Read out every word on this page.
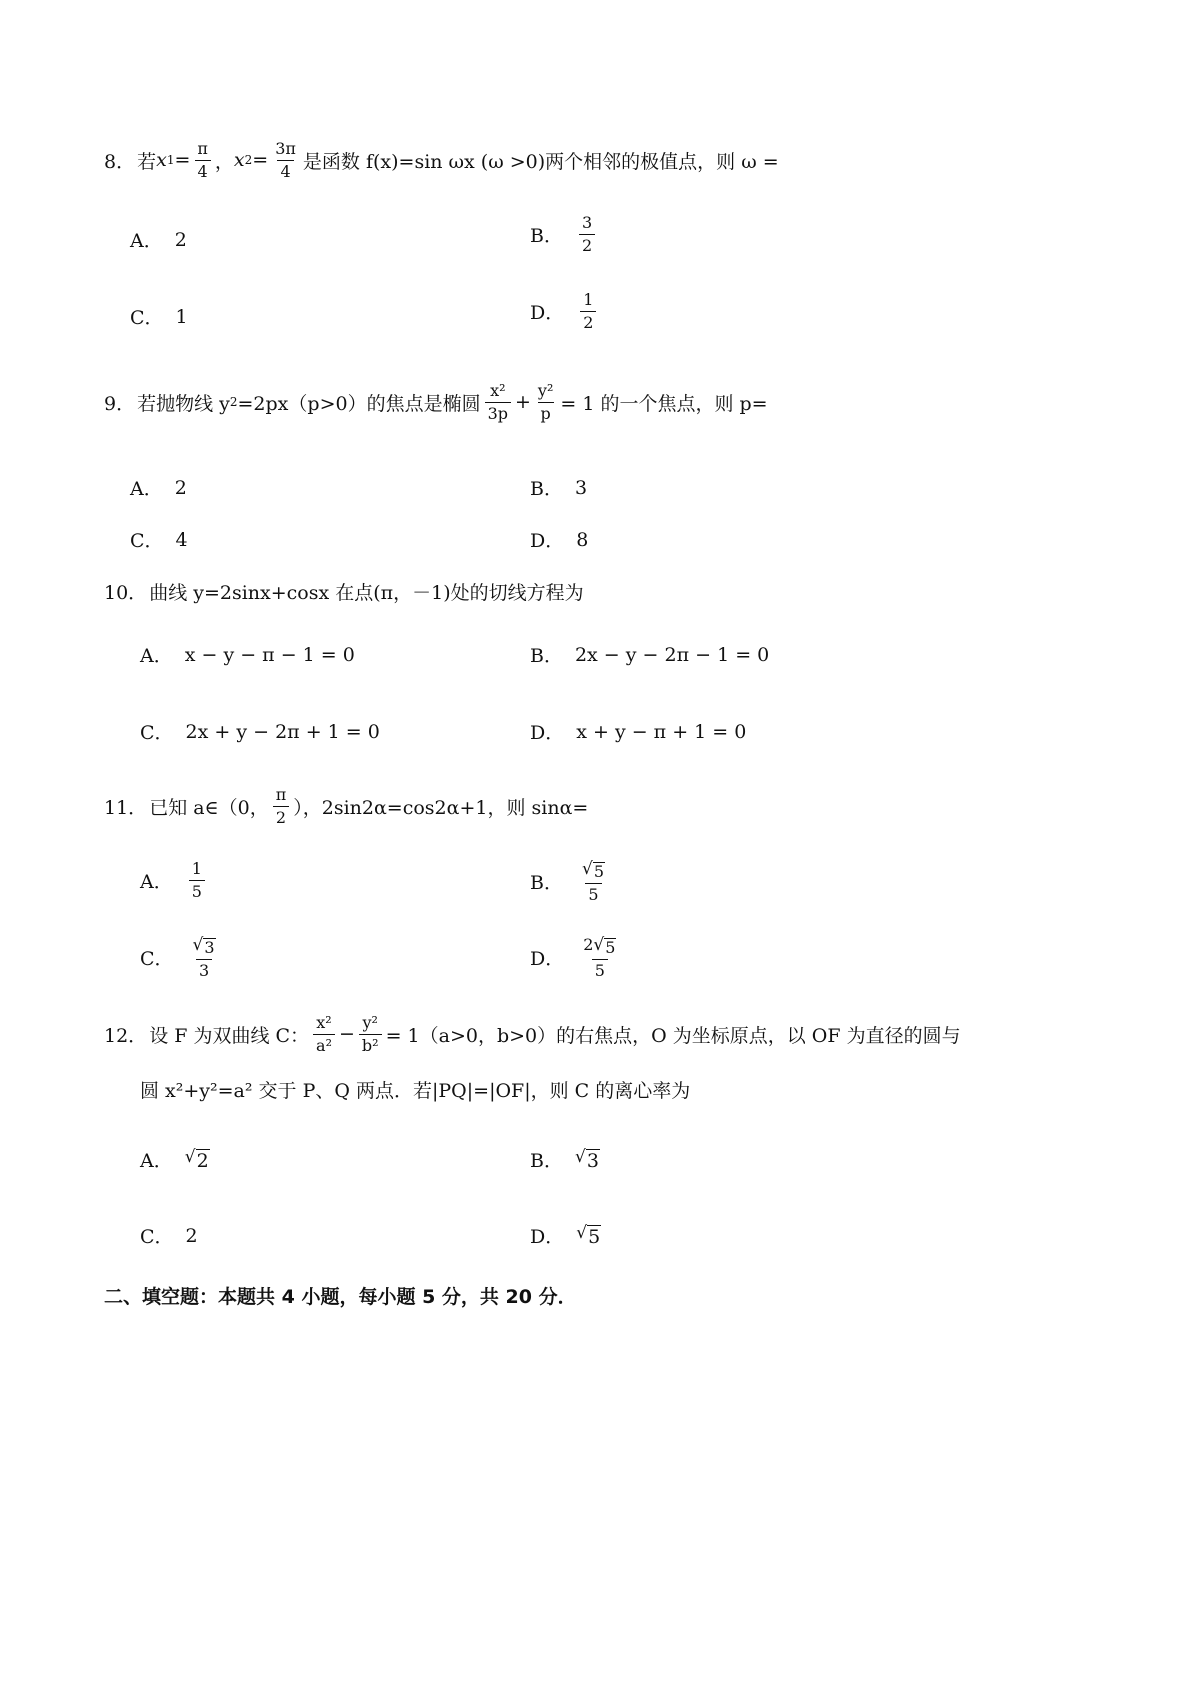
8． 若 x $1 = \frac{\pi}{4}$ ， x $2 = \frac{3\pi}{4}$ 是函数 f(x)=sin ωx (ω >0)两个相邻的极值点，则 ω =
A． 2	B． $\frac{3}{2}$
C． 1	D． $\frac{1}{2}$
9． 若抛物线 y 2 =2px（p>0）的焦点是椭圆 $\frac{\text{x²}}{3p} + \frac{\text{y²}}{p} = 1$ 的一个焦点，则 p=
A． 2	B． 3
C． 4	D． 8
10． 曲线 y=2sinx+cosx 在点(π，－1)处的切线方程为
A． x − y − π − 1 = 0	B． 2x − y − 2π − 1 = 0
C． 2x + y − 2π + 1 = 0	D． x + y − π + 1 = 0
11． 已知 a∈（0， $\frac{\pi}{2}$ ），2sin2α=cos2α+1，则 sinα=
A． $\frac{1}{5}$	B． $\frac{√ 5}{5}$
C． $\frac{√ 3}{3}$	D． $\frac{2 √ 5}{5}$
12． 设 F 为双曲线 C： $\frac{\text{x²}}{\text{a²}} - \frac{\text{y²}}{\text{b²}} = 1(a>0$，b>0）的右焦点，O 为坐标原点，以 OF 为直径的圆与
圆 x²+y²=a² 交于 P、Q 两点．若|PQ|=|OF|，则 C 的离心率为
A． √ 2	B． √ 3
C． 2	D． √ 5
二、填空题：本题共 4 小题，每小题 5 分，共 20 分．
